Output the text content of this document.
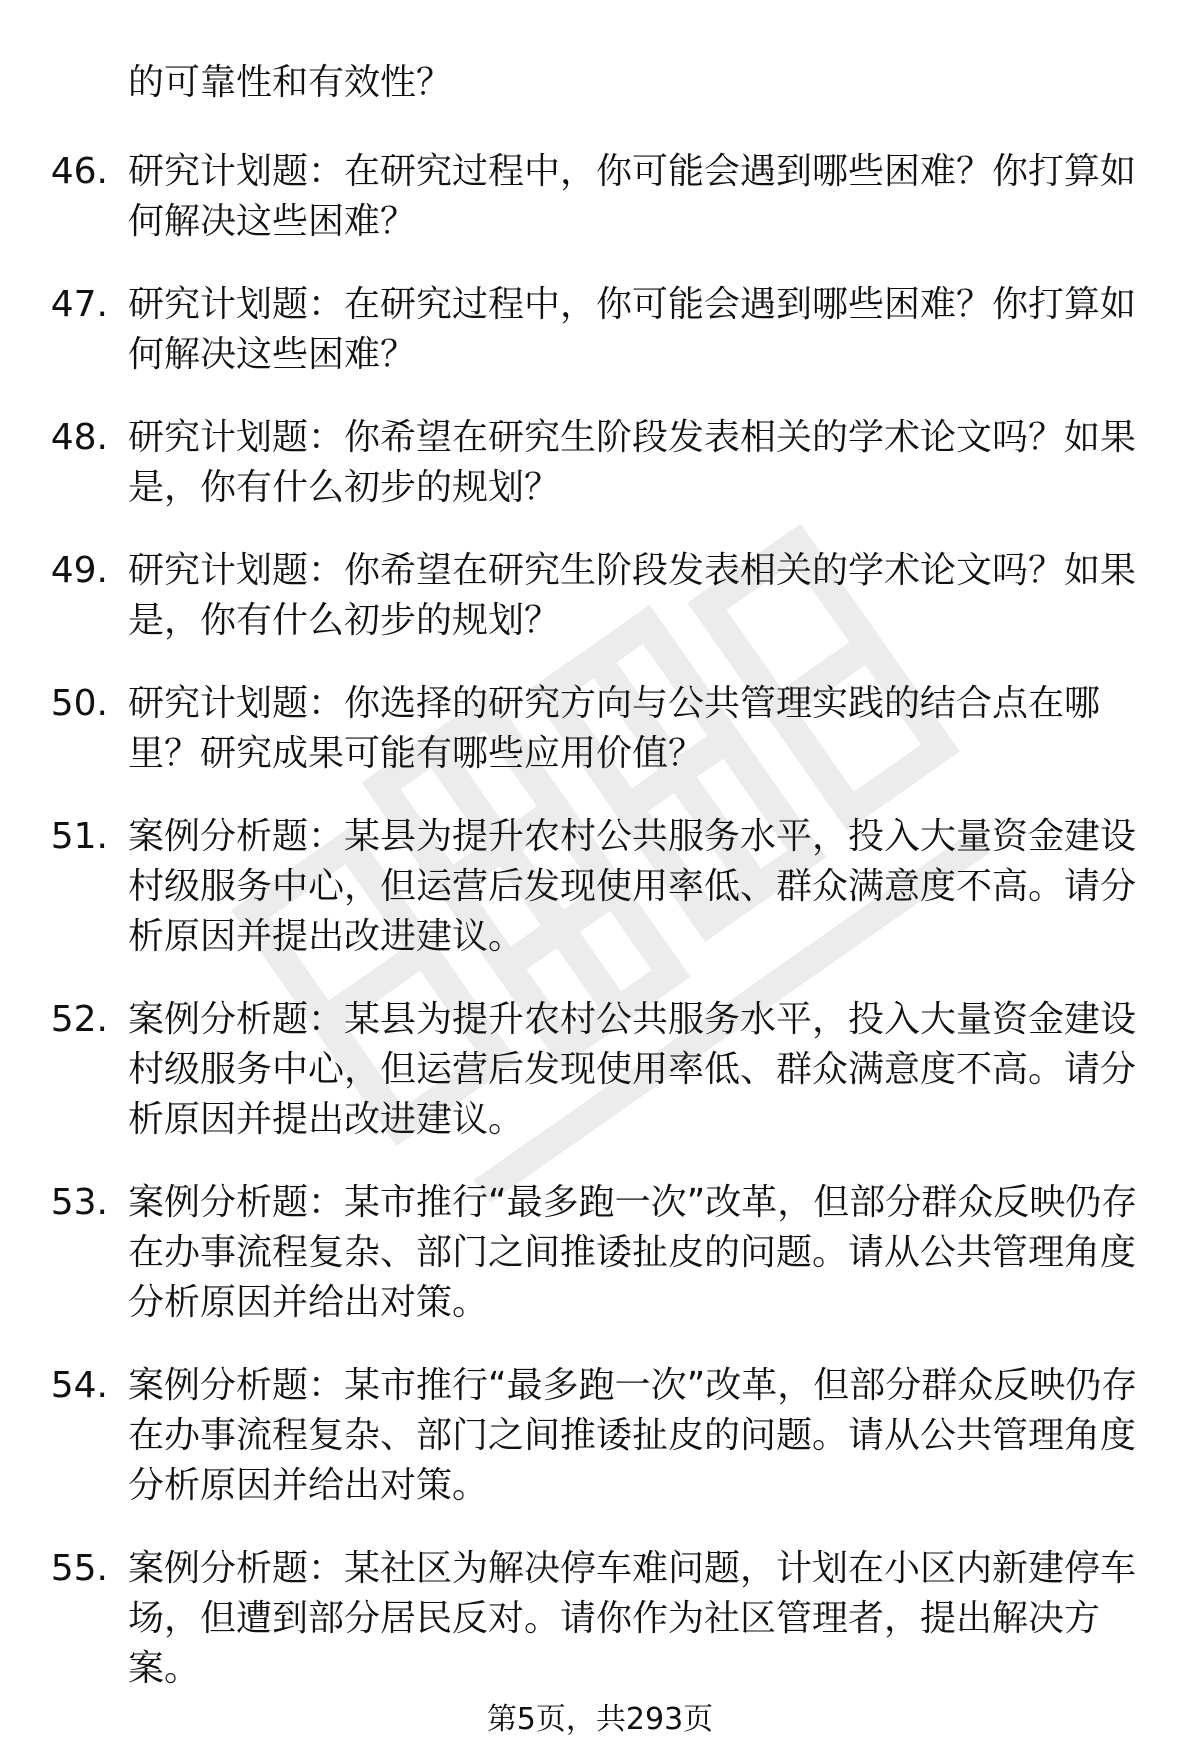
的可靠性和有效性？

46. 研究计划题：在研究过程中，你可能会遇到哪些困难？你打算如何解决这些困难？
47. 研究计划题：在研究过程中，你可能会遇到哪些困难？你打算如何解决这些困难？
48. 研究计划题：你希望在研究生阶段发表相关的学术论文吗？如果是，你有什么初步的规划？
49. 研究计划题：你希望在研究生阶段发表相关的学术论文吗？如果是，你有什么初步的规划？
50. 研究计划题：你选择的研究方向与公共管理实践的结合点在哪里？研究成果可能有哪些应用价值？
51. 案例分析题：某县为提升农村公共服务水平，投入大量资金建设村级服务中心，但运营后发现使用率低、群众满意度不高。请分析原因并提出改进建议。
52. 案例分析题：某县为提升农村公共服务水平，投入大量资金建设村级服务中心，但运营后发现使用率低、群众满意度不高。请分析原因并提出改进建议。
53. 案例分析题：某市推行“最多跑一次”改革，但部分群众反映仍存在办事流程复杂、部门之间推诿扯皮的问题。请从公共管理角度分析原因并给出对策。
54. 案例分析题：某市推行“最多跑一次”改革，但部分群众反映仍存在办事流程复杂、部门之间推诿扯皮的问题。请从公共管理角度分析原因并给出对策。
55. 案例分析题：某社区为解决停车难问题，计划在小区内新建停车场，但遭到部分居民反对。请你作为社区管理者，提出解决方案。
第5页，共293页
